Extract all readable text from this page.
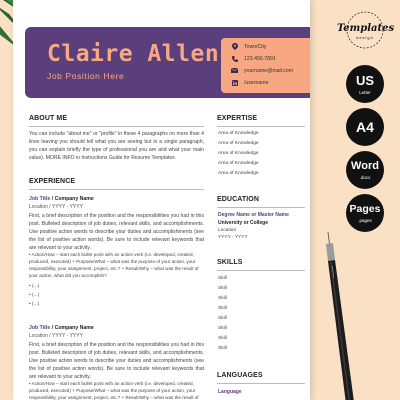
Claire Allen
Job Position Here
Town/City
123.456.7891
yourname@mail.com
/username
ABOUT ME
You can include "about me" or "profile" in these 4 paragraphs no more than 4 lines leaving you should tell what you are seeing but in a single paragraph, you can explain briefly the type of professional you are and what your main value). MORE INFO in Instructions Guide for Resume Templates.
EXPERIENCE
Job Title / Company Name
Location / YYYY - YYYY
First, a brief description of the position and the responsibilities you had in this post. Bulleted description of job duties, relevant skills, and accomplishments. Use positive action words to describe your duties and accomplishments (see the list of positive action words). Be sure to include relevant keywords that are relevant to your activity.
• Action/How – start each bullet point with an action verb (i.e. developed, created, produced, executed) + Purpose/What – what was the purpose of your action, your responsibility, your assignment, project, etc.? + Result/Why – what was the result of your action, what did you accomplish?
• (...)
• (...)
• (...)
Job Title / Company Name
Location / YYYY - YYYY
First, a brief description of the position and the responsibilities you had in this post. Bulleted description of job duties, relevant skills, and accomplishments. Use positive action words to describe your duties and accomplishments (see the list of positive action words). Be sure to include relevant keywords that are relevant to your activity.
• Action/How – start each bullet point with an action verb (i.e. developed, created, produced, executed) + Purpose/What – what was the purpose of your action, your responsibility, your assignment, project, etc.? + Result/Why – what was the result of
EXPERTISE
Area of Knowledge
Area of Knowledge
Area of Knowledge
Area of Knowledge
Area of Knowledge
EDUCATION
Degree Name or Master Name
University or College
Location
YYYY - YYYY
SKILLS
Skill
Skill
Skill
Skill
Skill
Skill
Skill
Skill
LANGUAGES
Language
Templates
design
US
Letter
A4
Word
.docx
Pages
.pages
